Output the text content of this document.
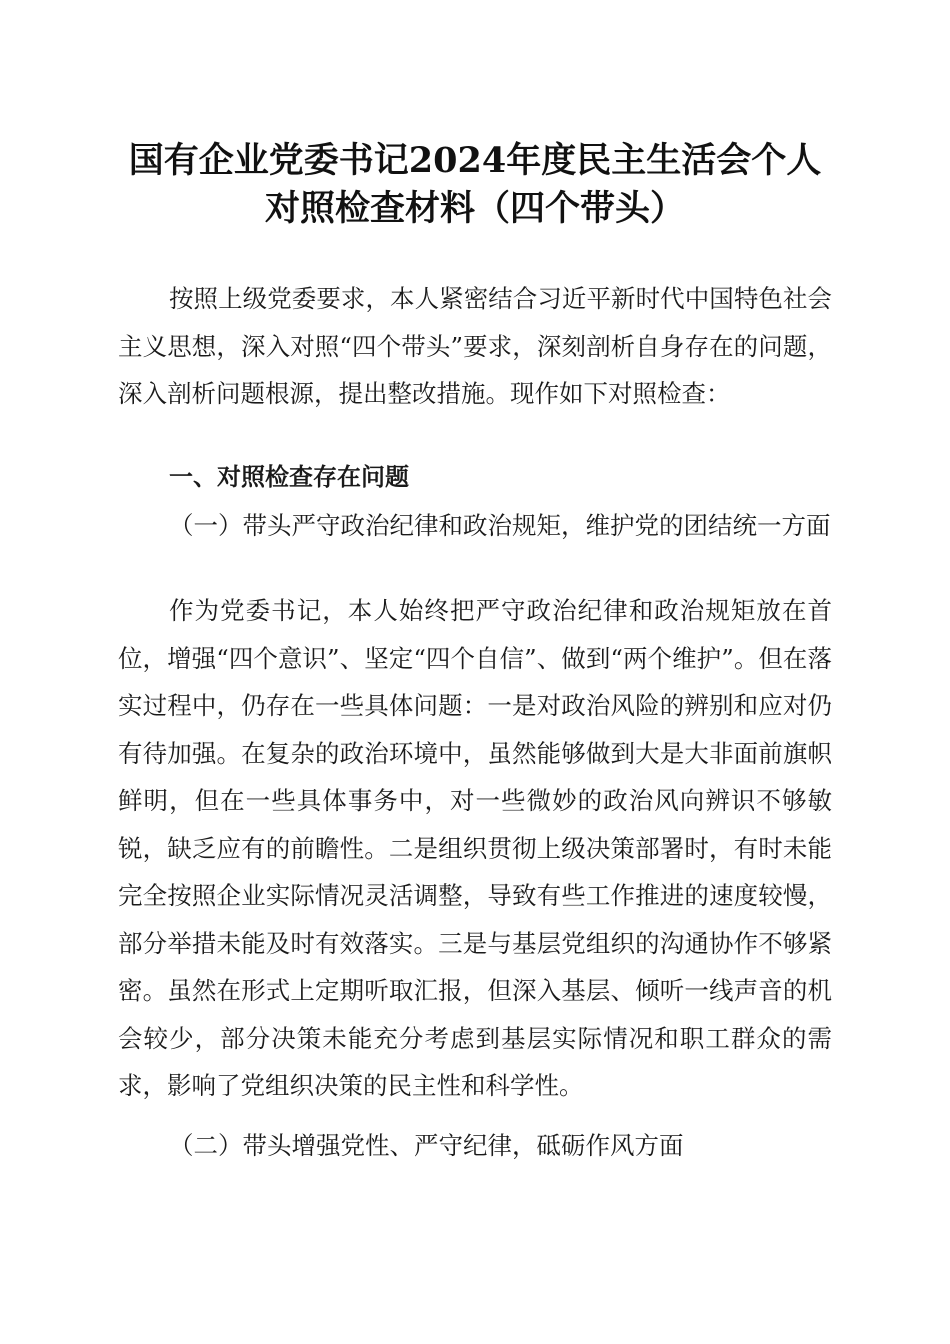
国有企业党委书记2024年度民主生活会个人
对照检查材料（四个带头）

按照上级党委要求，本人紧密结合习近平新时代中国特色社会主义思想，深入对照“四个带头”要求，深刻剖析自身存在的问题，深入剖析问题根源，提出整改措施。现作如下对照检查：

一、对照检查存在问题

（一）带头严守政治纪律和政治规矩，维护党的团结统一方面

作为党委书记，本人始终把严守政治纪律和政治规矩放在首位，增强“四个意识”、坚定“四个自信”、做到“两个维护”。但在落实过程中，仍存在一些具体问题：一是对政治风险的辨别和应对仍有待加强。在复杂的政治环境中，虽然能够做到大是大非面前旗帜鲜明，但在一些具体事务中，对一些微妙的政治风向辨识不够敏锐，缺乏应有的前瞻性。二是组织贯彻上级决策部署时，有时未能完全按照企业实际情况灵活调整，导致有些工作推进的速度较慢，部分举措未能及时有效落实。三是与基层党组织的沟通协作不够紧密。虽然在形式上定期听取汇报，但深入基层、倾听一线声音的机会较少，部分决策未能充分考虑到基层实际情况和职工群众的需求，影响了党组织决策的民主性和科学性。

（二）带头增强党性、严守纪律，砥砺作风方面
